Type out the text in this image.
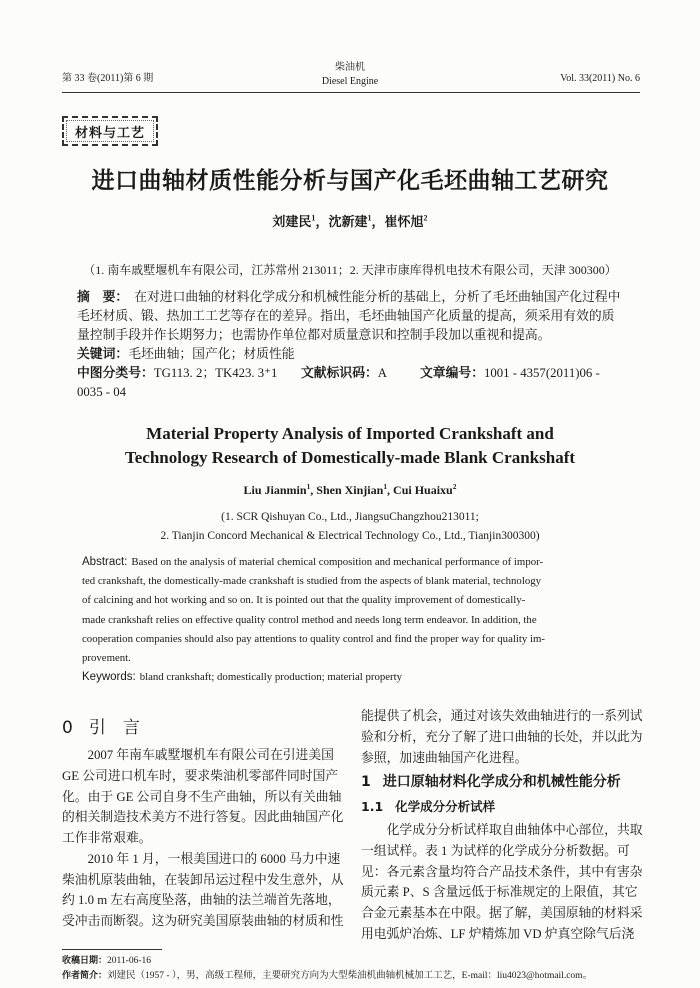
第 33 卷(2011)第 6 期
柴油机
Diesel Engine	Vol. 33(2011) No. 6
材料与工艺
进口曲轴材质性能分析与国产化毛坯曲轴工艺研究
刘建民$^1$，沈新建$^1$，崔怀旭$^2$
（1. 南车戚墅堰机车有限公司，江苏常州 213011；2. 天津市康库得机电技术有限公司，天津 300300）
摘　要： 在对进口曲轴的材料化学成分和机械性能分析的基础上，分析了毛坯曲轴国产化过程中
毛坯材质、锻、热加工工艺等存在的差异。指出，毛坯曲轴国产化质量的提高，须采用有效的质
量控制手段并作长期努力；也需协作单位都对质量意识和控制手段加以重视和提高。
关键词：毛坯曲轴；国产化；材质性能
中图分类号：TG113. 2；TK423. 3⁺1 文献标识码：A	文章编号：1001 - 4357(2011)06 -
0035 - 04
Material Property Analysis of Imported Crankshaft and
Technology Research of Domestically-made Blank Crankshaft
Liu Jianmin$^1$, Shen Xinjian$^1$, Cui Huaixu$^2$
(1. SCR Qishuyan Co., Ltd., JiangsuChangzhou213011;
2. Tianjin Concord Mechanical & Electrical Technology Co., Ltd., Tianjin300300)
Abstract: Based on the analysis of material chemical composition and mechanical performance of impor-
ted crankshaft, the domestically-made crankshaft is studied from the aspects of blank material, technology
of calcining and hot working and so on. It is pointed out that the quality improvement of domestically-
made crankshaft relies on effective quality control method and needs long term endeavor. In addition, the
cooperation companies should also pay attentions to quality control and find the proper way for quality im-
provement.
Keywords: bland crankshaft; domestically production; material property
0 引　言
2007 年南车戚墅堰机车有限公司在引进美国
GE 公司进口机车时，要求柴油机零部件同时国产
化。由于 GE 公司自身不生产曲轴，所以有关曲轴
的相关制造技术美方不进行答复。因此曲轴国产化
工作非常艰难。
2010 年 1 月，一根美国进口的 6000 马力中速
柴油机原装曲轴，在装卸吊运过程中发生意外，从
约 1.0 m 左右高度坠落，曲轴的法兰端首先落地，
受冲击而断裂。这为研究美国原装曲轴的材质和性
能提供了机会，通过对该失效曲轴进行的一系列试
验和分析，充分了解了进口曲轴的长处，并以此为
参照，加速曲轴国产化进程。
1 进口原轴材料化学成分和机械性能分析
1.1 化学成分分析试样
化学成分分析试样取自曲轴体中心部位，共取
一组试样。表 1 为试样的化学成分分析数据。可
见：各元素含量均符合产品技术条件，其中有害杂
质元素 P、S 含量远低于标准规定的上限值，其它
合金元素基本在中限。据了解，美国原轴的材料采
用电弧炉冶炼、LF 炉精炼加 VD 炉真空除气后浇
收稿日期：2011-06-16
作者简介：刘建民（1957 - ），男，高级工程师，主要研究方向为大型柴油机曲轴机械加工工艺，E-mail：liu4023@hotmail.com。
